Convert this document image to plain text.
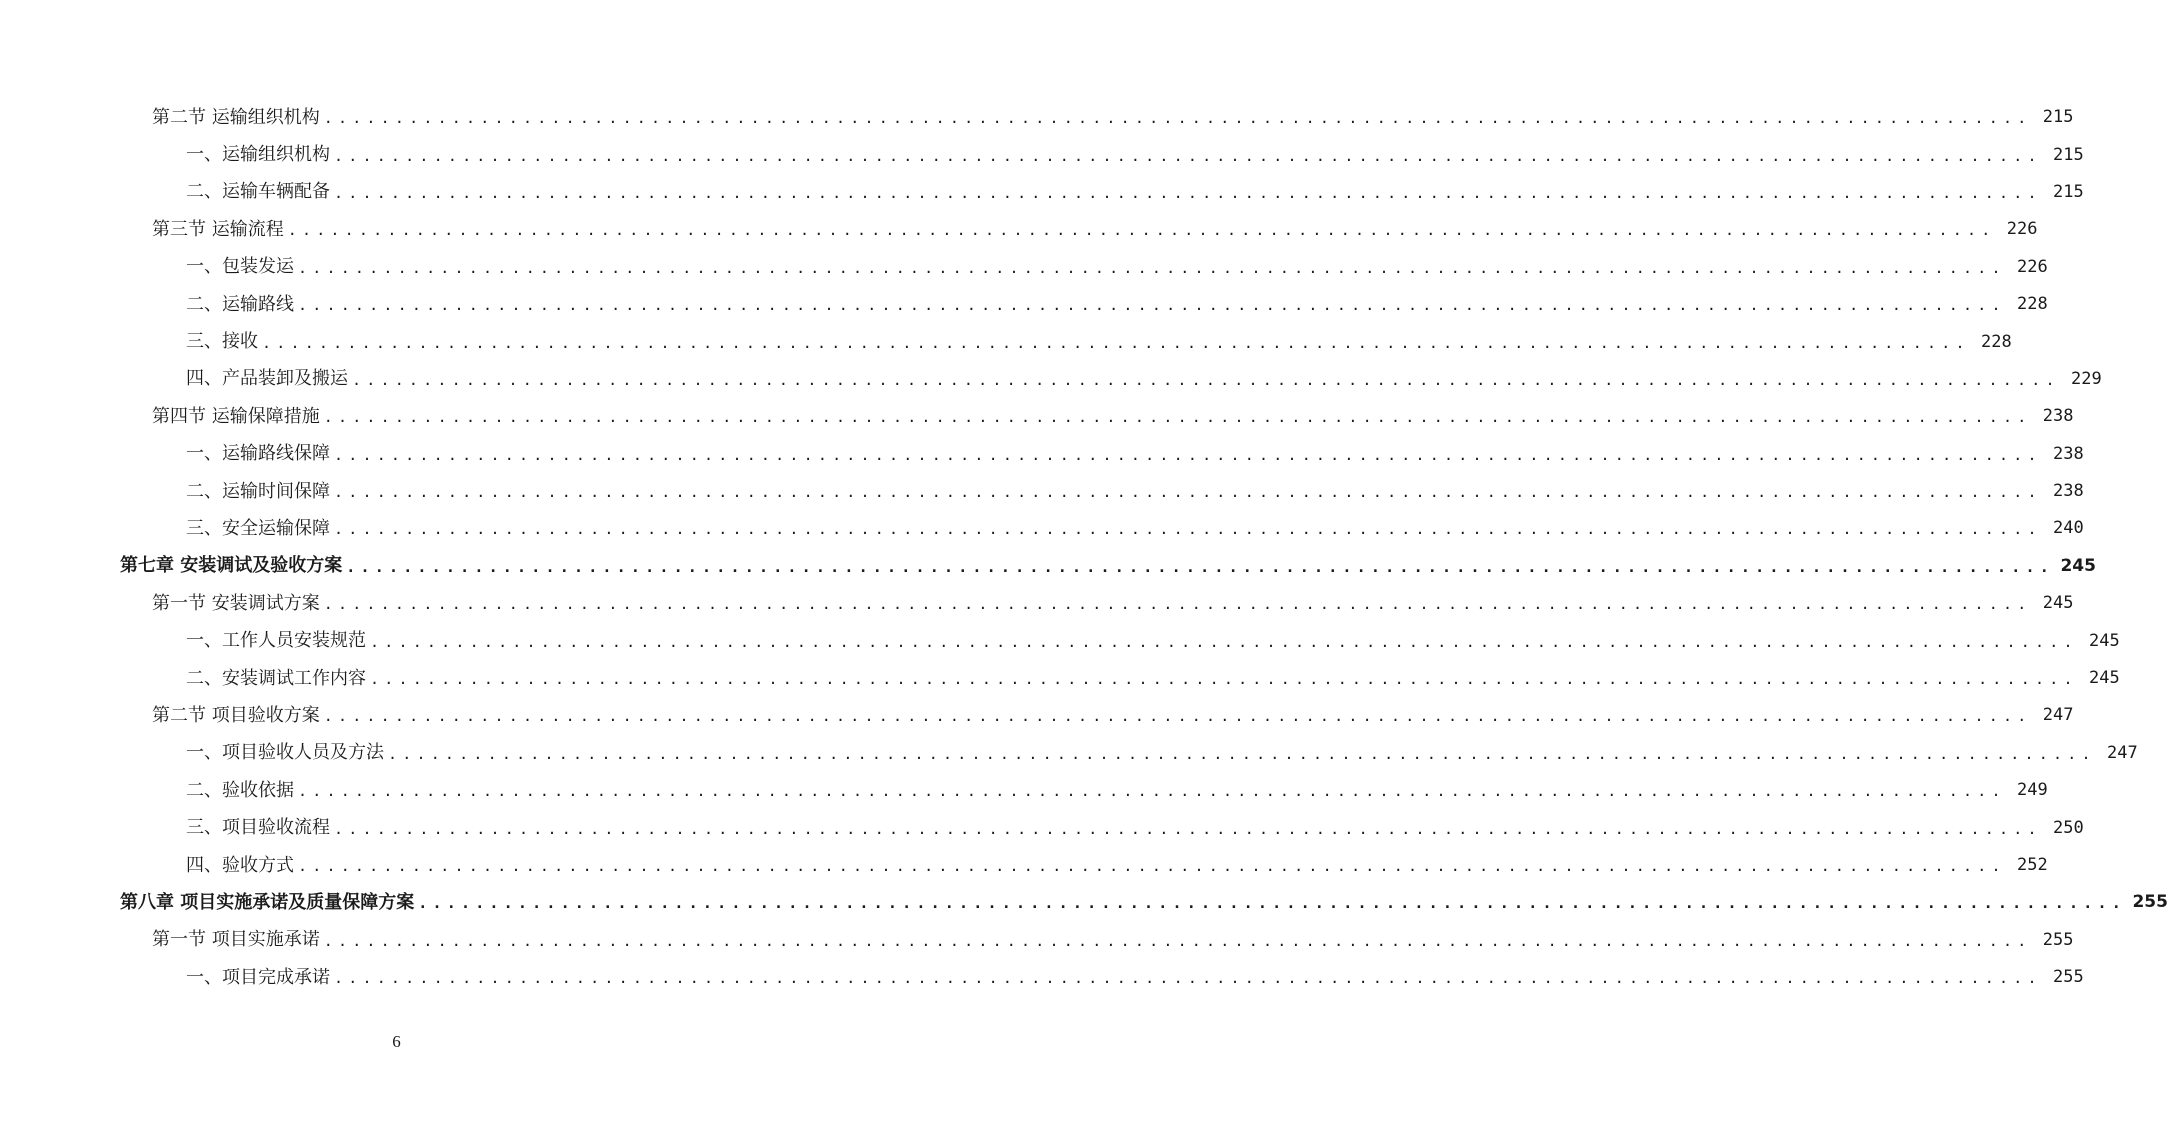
第二节 运输组织机构 ........................................................................................................................ 215
一、运输组织机构 ........................................................................................................................ 215
二、运输车辆配备 ........................................................................................................................ 215
第三节 运输流程 ........................................................................................................................ 226
一、包装发运 ........................................................................................................................ 226
二、运输路线 ........................................................................................................................ 228
三、接收 ........................................................................................................................ 228
四、产品装卸及搬运 ........................................................................................................................ 229
第四节 运输保障措施 ........................................................................................................................ 238
一、运输路线保障 ........................................................................................................................ 238
二、运输时间保障 ........................................................................................................................ 238
三、安全运输保障 ........................................................................................................................ 240
第七章 安装调试及验收方案 ........................................................................................................................ 245
第一节 安装调试方案 ........................................................................................................................ 245
一、工作人员安装规范 ........................................................................................................................ 245
二、安装调试工作内容 ........................................................................................................................ 245
第二节 项目验收方案 ........................................................................................................................ 247
一、项目验收人员及方法 ........................................................................................................................ 247
二、验收依据 ........................................................................................................................ 249
三、项目验收流程 ........................................................................................................................ 250
四、验收方式 ........................................................................................................................ 252
第八章 项目实施承诺及质量保障方案 ........................................................................................................................ 255
第一节 项目实施承诺 ........................................................................................................................ 255
一、项目完成承诺 ........................................................................................................................ 255
6
